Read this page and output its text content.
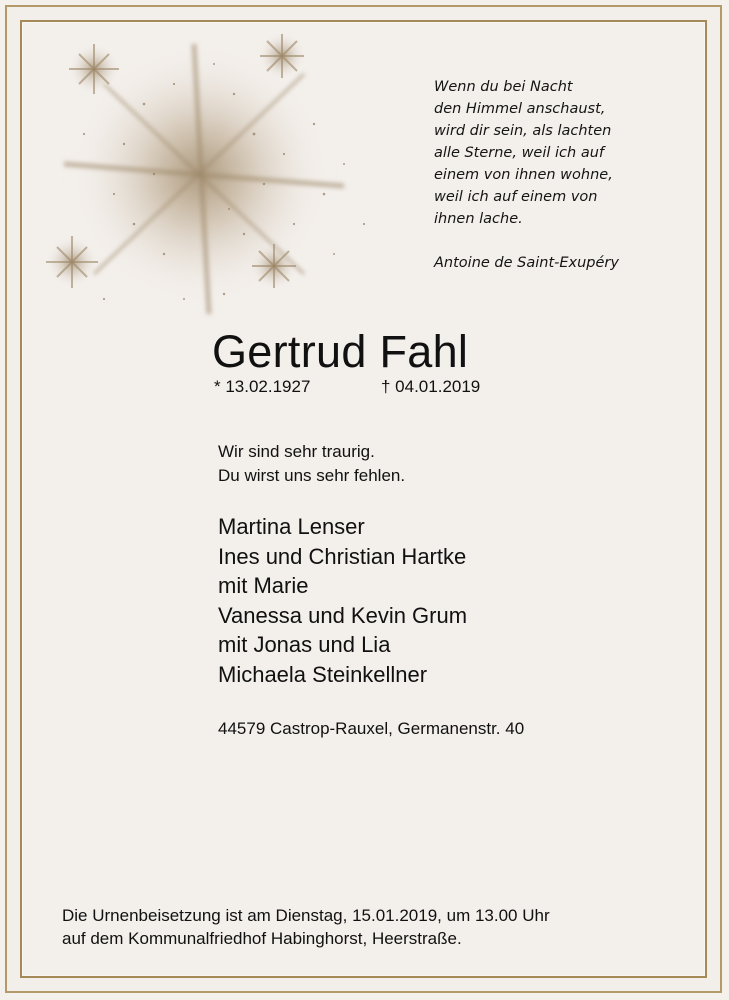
Wenn du bei Nacht
den Himmel anschaust,
wird dir sein, als lachten
alle Sterne, weil ich auf
einem von ihnen wohne,
weil ich auf einem von
ihnen lache.
Antoine de Saint-Exupéry
Gertrud Fahl
* 13.02.1927	† 04.01.2019
Wir sind sehr traurig.
Du wirst uns sehr fehlen.
Martina Lenser
Ines und Christian Hartke
mit Marie
Vanessa und Kevin Grum
mit Jonas und Lia
Michaela Steinkellner
44579 Castrop-Rauxel, Germanenstr. 40
Die Urnenbeisetzung ist am Dienstag, 15.01.2019, um 13.00 Uhr
auf dem Kommunalfriedhof Habinghorst, Heerstraße.
